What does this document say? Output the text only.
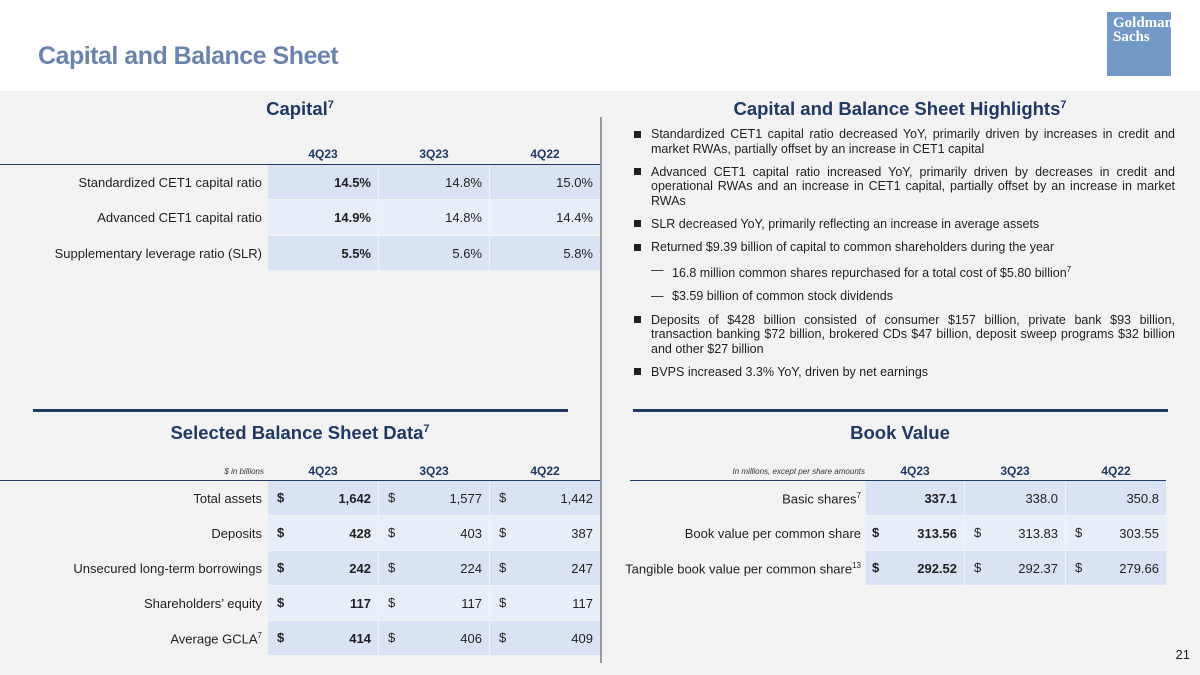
Capital and Balance Sheet
Goldman
Sachs
Capital$^7$
4Q23	3Q23	4Q22
Standardized CET1 capital ratio	14.5%	14.8%	15.0%
Advanced CET1 capital ratio	14.9%	14.8%	14.4%
Supplementary leverage ratio (SLR)	5.5%	5.6%	5.8%
Capital and Balance Sheet Highlights$^7$
Standardized CET1 capital ratio decreased YoY, primarily driven by increases in credit and market RWAs, partially offset by an increase in CET1 capital
Advanced CET1 capital ratio increased YoY, primarily driven by decreases in credit and operational RWAs and an increase in CET1 capital, partially offset by an increase in market RWAs
SLR decreased YoY, primarily reflecting an increase in average assets
Returned $9.39 billion of capital to common shareholders during the year
— 16.8 million common shares repurchased for a total cost of $5.80 billion$^7$
— $3.59 billion of common stock dividends
Deposits of $428 billion consisted of consumer $157 billion, private bank $93 billion, transaction banking $72 billion, brokered CDs $47 billion, deposit sweep programs $32 billion and other $27 billion
BVPS increased 3.3% YoY, driven by net earnings
Selected Balance Sheet Data$^7$
$ in billions	4Q23	3Q23	4Q22
Total assets $	1,642 $	1,577 $	1,442
Deposits $	428 $	403 $	387
Unsecured long-term borrowings $	242 $	224 $	247
Shareholders’ equity $	117 $	117 $	117
Average GCLA$^7$ $	414 $	406 $	409
Book Value
In millions, except per share amounts	4Q23	3Q23	4Q22
Basic shares$^7$	337.1	338.0	350.8
Book value per common share $	313.56 $	313.83 $	303.55
Tangible book value per common share$^{13}$ $	292.52 $	292.37 $	279.66
21
